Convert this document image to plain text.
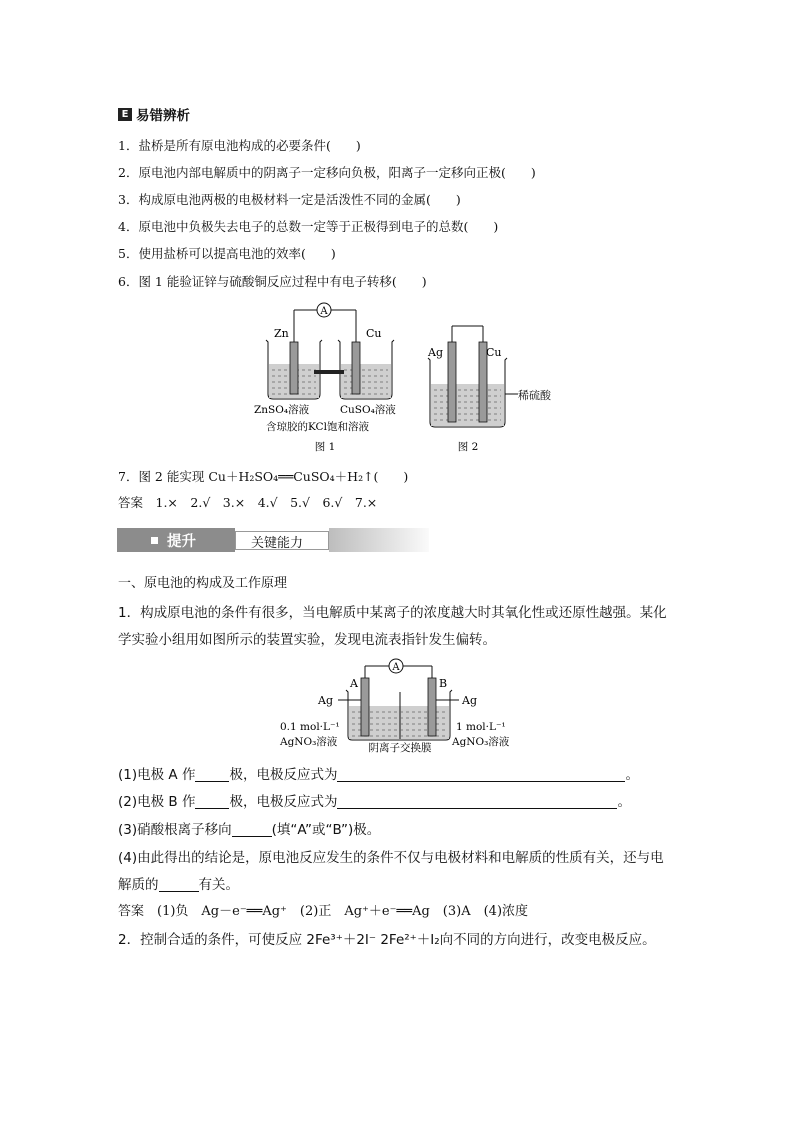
E 易错辨析
1．盐桥是所有原电池构成的必要条件(　　)
2．原电池内部电解质中的阴离子一定移向负极，阳离子一定移向正极(　　)
3．构成原电池两极的电极材料一定是活泼性不同的金属(　　)
4．原电池中负极失去电子的总数一定等于正极得到电子的总数(　　)
5．使用盐桥可以提高电池的效率(　　)
6．图 1 能验证锌与硫酸铜反应过程中有电子转移(　　)
A
Zn	Cu
ZnSO₄溶液	CuSO₄溶液
含琼胶的KCl饱和溶液
图 1
Ag	Cu
图 2
稀硫酸
7．图 2 能实现 Cu＋H₂SO₄══CuSO₄＋H₂↑(　　)
答案　1.×　2.√　3.×　4.√　5.√　6.√　7.×
提升	关键能力
一、原电池的构成及工作原理
1．构成原电池的条件有很多，当电解质中某离子的浓度越大时其氧化性或还原性越强。某化
学实验小组用如图所示的装置实验，发现电流表指针发生偏转。
A	B
A
Ag	Ag
0.1 mol·L⁻¹
AgNO₃溶液
1 mol·L⁻¹
AgNO₃溶液
阴离子交换膜
(1)电极 A 作	极，电极反应式为	。
(2)电极 B 作	极，电极反应式为	。
(3)硝酸根离子移向	(填“A”或“B”)极。
(4)由此得出的结论是，原电池反应发生的条件不仅与电极材料和电解质的性质有关，还与电
解质的	有关。
答案　(1)负　Ag－e⁻══Ag⁺　(2)正　Ag⁺＋e⁻══Ag　(3)A　(4)浓度
2．控制合适的条件，可使反应 2Fe³⁺＋2I⁻ 2Fe²⁺＋I₂向不同的方向进行，改变电极反应。
